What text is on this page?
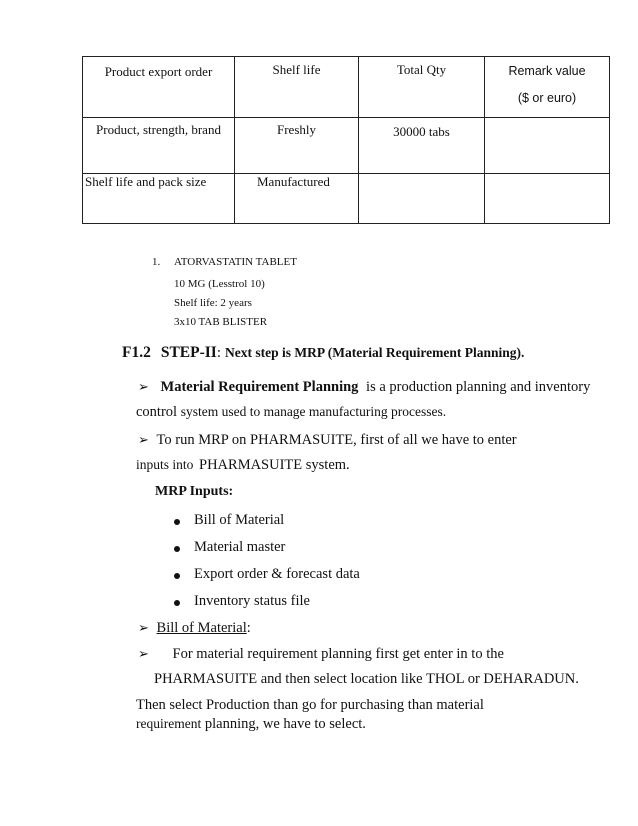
Product export order	Shelf life	Total Qty	Remark value
($ or euro)

Product, strength, brand	Freshly	30000 tabs	

Shelf life and pack size	Manufactured		

1. ATORVASTATIN TABLET
10 MG (Lesstrol 10)
Shelf life: 2 years
3x10 TAB BLISTER
F1.2 STEP-II: Next step is MRP (Material Requirement Planning).
➢ Material Requirement Planning is a production planning and inventory
control system used to manage manufacturing processes.
➢ To run MRP on PHARMASUITE, first of all we have to enter
inputs into PHARMASUITE system.
MRP Inputs:
Bill of Material
Material master
Export order & forecast data
Inventory status file
➢ Bill of Material:
➢ For material requirement planning first get enter in to the
PHARMASUITE and then select location like THOL or DEHARADUN.
Then select Production than go for purchasing than material
requirement planning, we have to select.
